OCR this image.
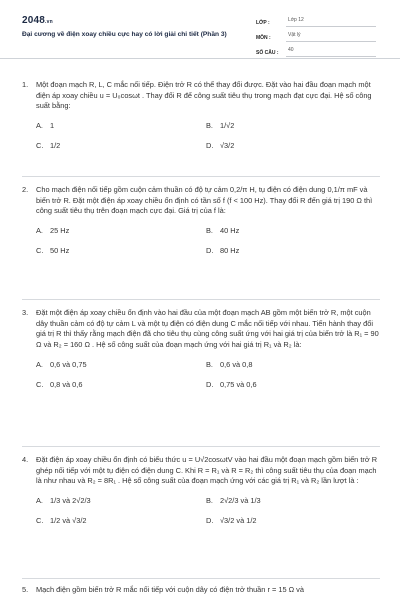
2048.vn
Đại cương về điện xoay chiều cực hay có lời giải chi tiết (Phần 3)
LỚP :	Lớp 12
MÔN :	Vật lý
SỐ CÂU :	40
1. Một đoạn mạch R, L, C mắc nối tiếp. Điện trở R có thể thay đổi được. Đặt vào hai đầu đoạn mạch một điện áp xoay chiều u = U₀cosωt . Thay đổi R để công suất tiêu thụ trong mạch đạt cực đại. Hệ số công suất bằng:
A. 1	B. 1/√2
C. 1/2	D. √3/2
2. Cho mạch điện nối tiếp gồm cuộn cảm thuần có độ tự cảm 0,2/π H, tụ điện có điện dung 0,1/π mF và biến trở R. Đặt một điện áp xoay chiều ổn định có tần số f (f < 100 Hz). Thay đổi R đến giá trị 190 Ω thì công suất tiêu thụ trên đoạn mạch cực đại. Giá trị của f là:
A. 25 Hz	B. 40 Hz
C. 50 Hz	D. 80 Hz
3. Đặt một điện áp xoay chiều ổn định vào hai đầu của một đoạn mạch AB gồm một biến trở R, một cuộn dây thuần cảm có độ tự cảm L và một tụ điện có điện dung C mắc nối tiếp với nhau. Tiến hành thay đổi giá trị R thì thấy rằng mạch điện đã cho tiêu thụ cùng công suất ứng với hai giá trị của biến trở là R₁ = 90 Ω và R₂ = 160 Ω . Hệ số công suất của đoạn mạch ứng với hai giá trị R₁ và R₂ là:
A. 0,6 và 0,75	B. 0,6 và 0,8
C. 0,8 và 0,6	D. 0,75 và 0,6
4. Đặt điện áp xoay chiều ổn định có biểu thức u = U√2cosωtV vào hai đầu một đoạn mạch gồm biến trở R ghép nối tiếp với một tụ điện có điện dung C. Khi R = R₁ và R = R₂ thì công suất tiêu thụ của đoạn mạch là như nhau và R₂ = 8R₁ . Hệ số công suất của đoạn mạch ứng với các giá trị R₁ và R₂ lần lượt là :
A. 1/3 và 2√2/3	B. 2√2/3 và 1/3
C. 1/2 và √3/2	D. √3/2 và 1/2
5. Mạch điện gồm biến trở R mắc nối tiếp với cuộn dây có điện trở thuần r = 15 Ω và
